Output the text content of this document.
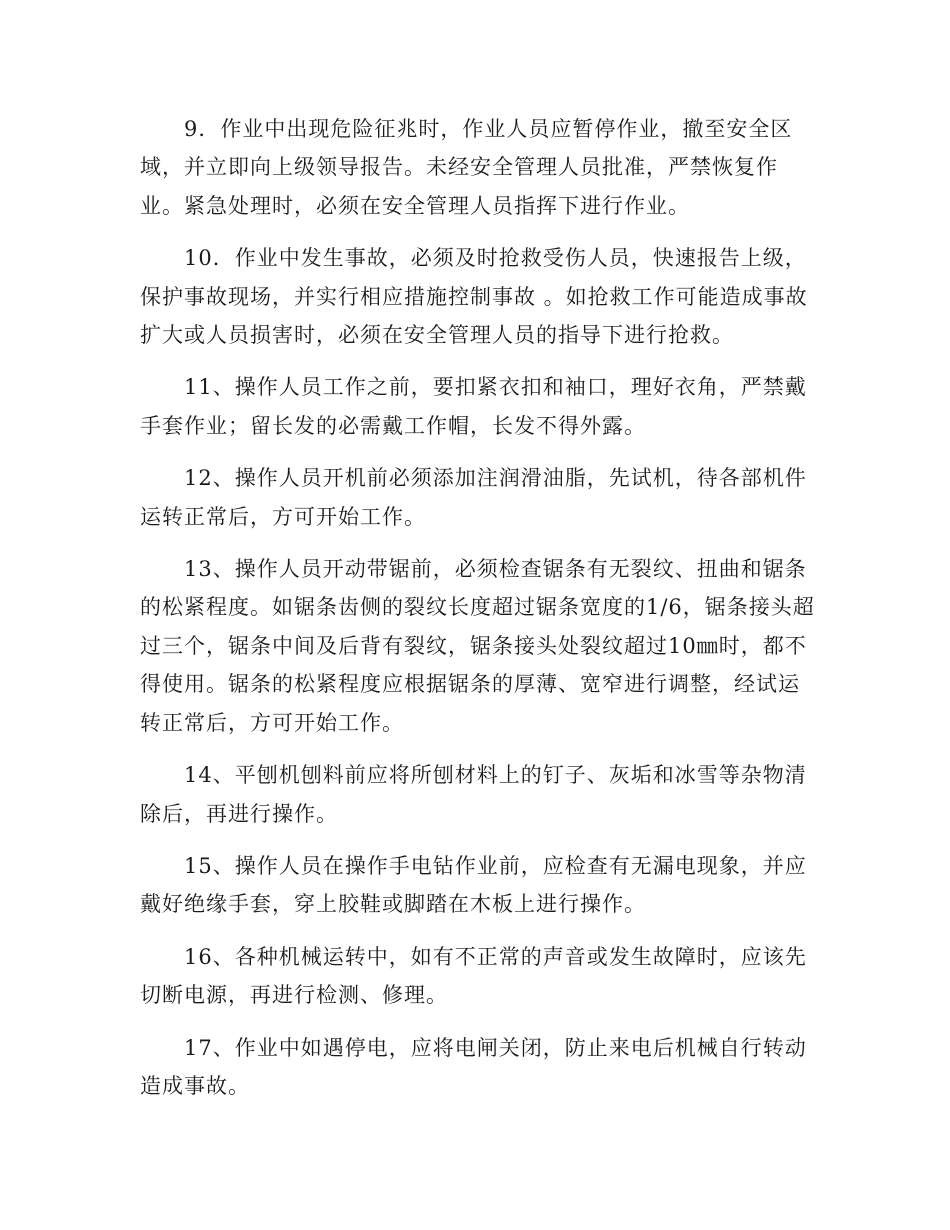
9．作业中出现危险征兆时，作业人员应暂停作业，撤至安全区
域，并立即向上级领导报告。未经安全管理人员批准，严禁恢复作
业。紧急处理时，必须在安全管理人员指挥下进行作业。

10．作业中发生事故，必须及时抢救受伤人员，快速报告上级，
保护事故现场，并实行相应措施控制事故 。如抢救工作可能造成事故
扩大或人员损害时，必须在安全管理人员的指导下进行抢救。

11、操作人员工作之前，要扣紧衣扣和袖口，理好衣角，严禁戴
手套作业；留长发的必需戴工作帽，长发不得外露。

12、操作人员开机前必须添加注润滑油脂，先试机，待各部机件
运转正常后，方可开始工作。

13、操作人员开动带锯前，必须检查锯条有无裂纹、扭曲和锯条
的松紧程度。如锯条齿侧的裂纹长度超过锯条宽度的1/6，锯条接头超
过三个，锯条中间及后背有裂纹，锯条接头处裂纹超过10㎜时，都不
得使用。锯条的松紧程度应根据锯条的厚薄、宽窄进行调整，经试运
转正常后，方可开始工作。

14、平刨机刨料前应将所刨材料上的钉子、灰垢和冰雪等杂物清
除后，再进行操作。

15、操作人员在操作手电钻作业前，应检查有无漏电现象，并应
戴好绝缘手套，穿上胶鞋或脚踏在木板上进行操作。

16、各种机械运转中，如有不正常的声音或发生故障时，应该先
切断电源，再进行检测、修理。

17、作业中如遇停电，应将电闸关闭，防止来电后机械自行转动
造成事故。
